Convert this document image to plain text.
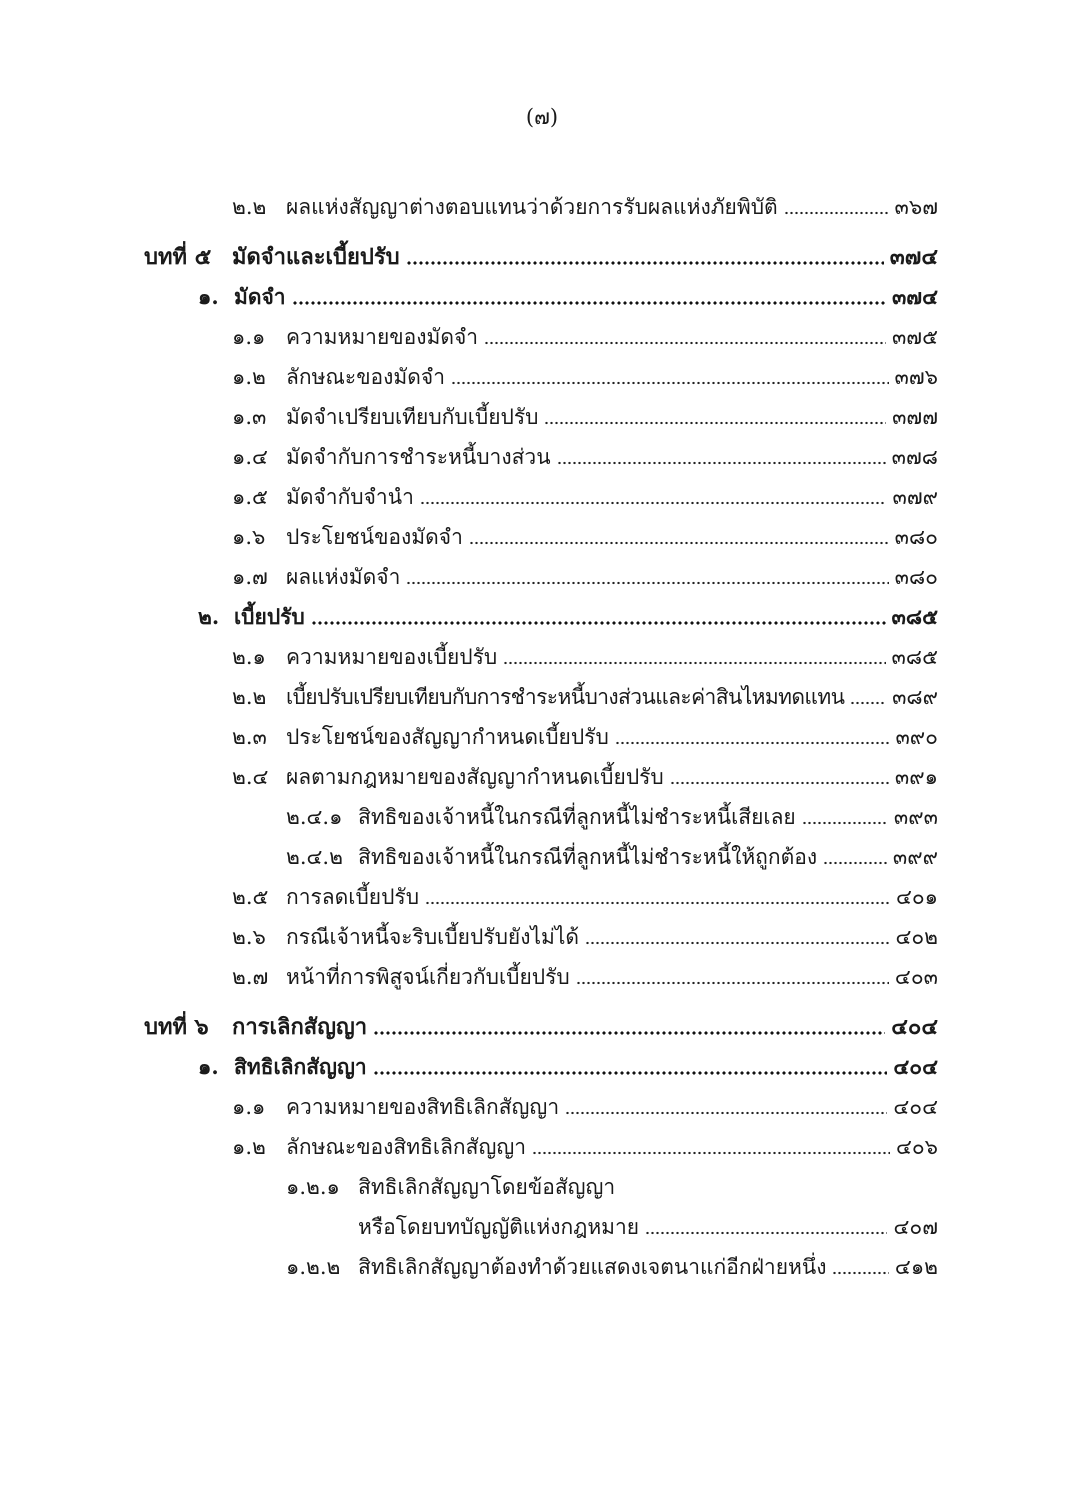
(๗)
๒.๒ ผลแห่งสัญญาต่างตอบแทนว่าด้วยการรับผลแห่งภัยพิบัติ	๓๖๗
บทที่ ๕ มัดจำและเบี้ยปรับ	๓๗๔
๑. มัดจำ	๓๗๔
๑.๑ ความหมายของมัดจำ	๓๗๕
๑.๒ ลักษณะของมัดจำ	๓๗๖
๑.๓ มัดจำเปรียบเทียบกับเบี้ยปรับ	๓๗๗
๑.๔ มัดจำกับการชำระหนี้บางส่วน	๓๗๘
๑.๕ มัดจำกับจำนำ	๓๗๙
๑.๖ ประโยชน์ของมัดจำ	๓๘๐
๑.๗ ผลแห่งมัดจำ	๓๘๐
๒. เบี้ยปรับ	๓๘๕
๒.๑ ความหมายของเบี้ยปรับ	๓๘๕
๒.๒ เบี้ยปรับเปรียบเทียบกับการชำระหนี้บางส่วนและค่าสินไหมทดแทน ๓๘๙
๒.๓ ประโยชน์ของสัญญากำหนดเบี้ยปรับ	๓๙๐
๒.๔ ผลตามกฎหมายของสัญญากำหนดเบี้ยปรับ	๓๙๑
๒.๔.๑ สิทธิของเจ้าหนี้ในกรณีที่ลูกหนี้ไม่ชำระหนี้เสียเลย	๓๙๓
๒.๔.๒ สิทธิของเจ้าหนี้ในกรณีที่ลูกหนี้ไม่ชำระหนี้ให้ถูกต้อง	๓๙๙
๒.๕ การลดเบี้ยปรับ	๔๐๑
๒.๖ กรณีเจ้าหนี้จะริบเบี้ยปรับยังไม่ได้	๔๐๒
๒.๗ หน้าที่การพิสูจน์เกี่ยวกับเบี้ยปรับ	๔๐๓
บทที่ ๖	การเลิกสัญญา	๔๐๔
๑. สิทธิเลิกสัญญา	๔๐๔
๑.๑ ความหมายของสิทธิเลิกสัญญา	๔๐๔
๑.๒ ลักษณะของสิทธิเลิกสัญญา	๔๐๖
๑.๒.๑ สิทธิเลิกสัญญาโดยข้อสัญญา
หรือโดยบทบัญญัติแห่งกฎหมาย	๔๐๗
๑.๒.๒ สิทธิเลิกสัญญาต้องทำด้วยแสดงเจตนาแก่อีกฝ่ายหนึ่ง	๔๑๒
